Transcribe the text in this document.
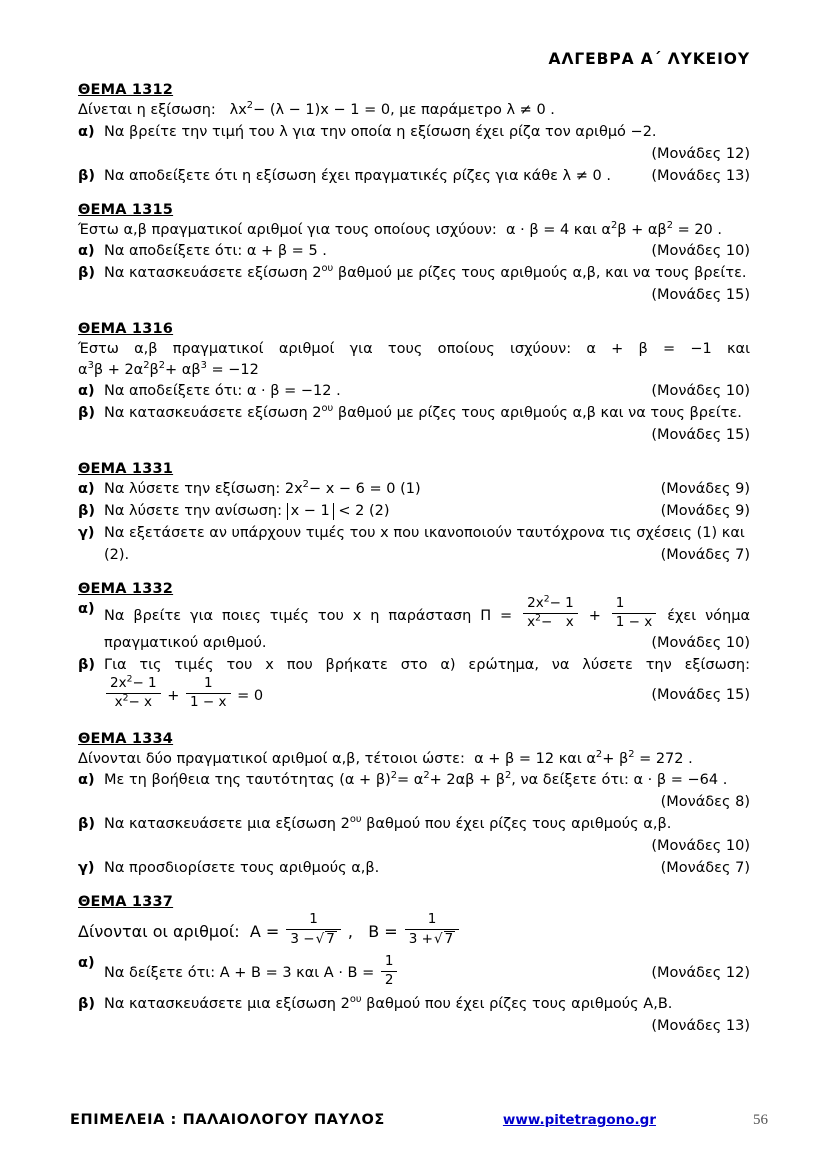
ΑΛΓΕΒΡΑ Α΄ ΛΥΚΕΙΟΥ
ΘΕΜΑ 1312

Δίνεται η εξίσωση: $\lambda x^2- (\lambda - 1)x - 1 = 0$, με παράμετρο λ ≠ 0 .

α) Να βρείτε την τιμή του λ για την οποία η εξίσωση έχει ρίζα τον αριθμό −2.
(Μονάδες 12)
β) Να αποδείξετε ότι η εξίσωση έχει πραγματικές ρίζες για κάθε λ ≠ 0 .	(Μονάδες 13)
ΘΕΜΑ 1315

Έστω α,β πραγματικοί αριθμοί για τους οποίους ισχύουν: α · β = 4 και $\alpha^2\beta + \alpha\beta^2 = 20$ .

α) Να αποδείξετε ότι: α + β = 5 .	(Μονάδες 10)
β) Να κατασκευάσετε εξίσωση $2^{o\upsilon}$ βαθμού με ρίζες τους αριθμούς α,β, και να τους βρείτε.
(Μονάδες 15)
ΘΕΜΑ 1316

Έστω α,β πραγματικοί αριθμοί για τους οποίους ισχύουν: α + β = −1 και

$\alpha^3\beta + 2\alpha^2\beta^2+ \alpha\beta^3 = -12$

α) Να αποδείξετε ότι: α · β = −12 .	(Μονάδες 10)
β) Να κατασκευάσετε εξίσωση $2^{o\upsilon}$ βαθμού με ρίζες τους αριθμούς α,β και να τους βρείτε.
(Μονάδες 15)
ΘΕΜΑ 1331
α) Να λύσετε την εξίσωση: $2x^2- x - 6 = 0$ (1)	(Μονάδες 9)
β) Να λύσετε την ανίσωση: x − 1 < 2 (2)	(Μονάδες 9)
γ) Να εξετάσετε αν υπάρχουν τιμές του x που ικανοποιούν ταυτόχρονα τις σχέσεις (1) και
(2).	(Μονάδες 7)
ΘΕΜΑ 1332
α) Να βρείτε για ποιες τιμές του x η παράσταση $\Pi = \frac{2x^2- 1}{x^2- x} + \frac{1}{1 - x}$ έχει νόημα
πραγματικού αριθμού.	(Μονάδες 10)
β) Για τις τιμές του x που βρήκατε στο α) ερώτημα, να λύσετε την εξίσωση:
$\frac{2x^2- 1}{x^2- x} + \frac{1}{1 - x} = 0$	(Μονάδες 15)
ΘΕΜΑ 1334

Δίνονται δύο πραγματικοί αριθμοί α,β, τέτοιοι ώστε: α + β = 12 και $\alpha^2+ \beta^2 = 272$ .

α) Με τη βοήθεια της ταυτότητας $(\alpha + \beta)^2= \alpha^2+ 2\alpha\beta + \beta^2$, να δείξετε ότι: α · β = −64 .
(Μονάδες 8)
β) Να κατασκευάσετε μια εξίσωση $2^{o\upsilon}$ βαθμού που έχει ρίζες τους αριθμούς α,β.
(Μονάδες 10)
γ) Να προσδιορίσετε τους αριθμούς α,β.	(Μονάδες 7)
ΘΕΜΑ 1337
Δίνονται οι αριθμοί: $A = \frac{1}{3 -√ 7}$ , $B = \frac{1}{3 +√ 7}$
α)
Να δείξετε ότι: Α + Β = 3 και $A \cdot B = \frac{1}{2}$	(Μονάδες 12)
β) Να κατασκευάσετε μια εξίσωση $2^{o\upsilon}$ βαθμού που έχει ρίζες τους αριθμούς Α,Β.
(Μονάδες 13)
ΕΠΙΜΕΛΕΙΑ : ΠΑΛΑΙΟΛΟΓΟΥ ΠΑΥΛΟΣ	www.pitetragono.gr	56
